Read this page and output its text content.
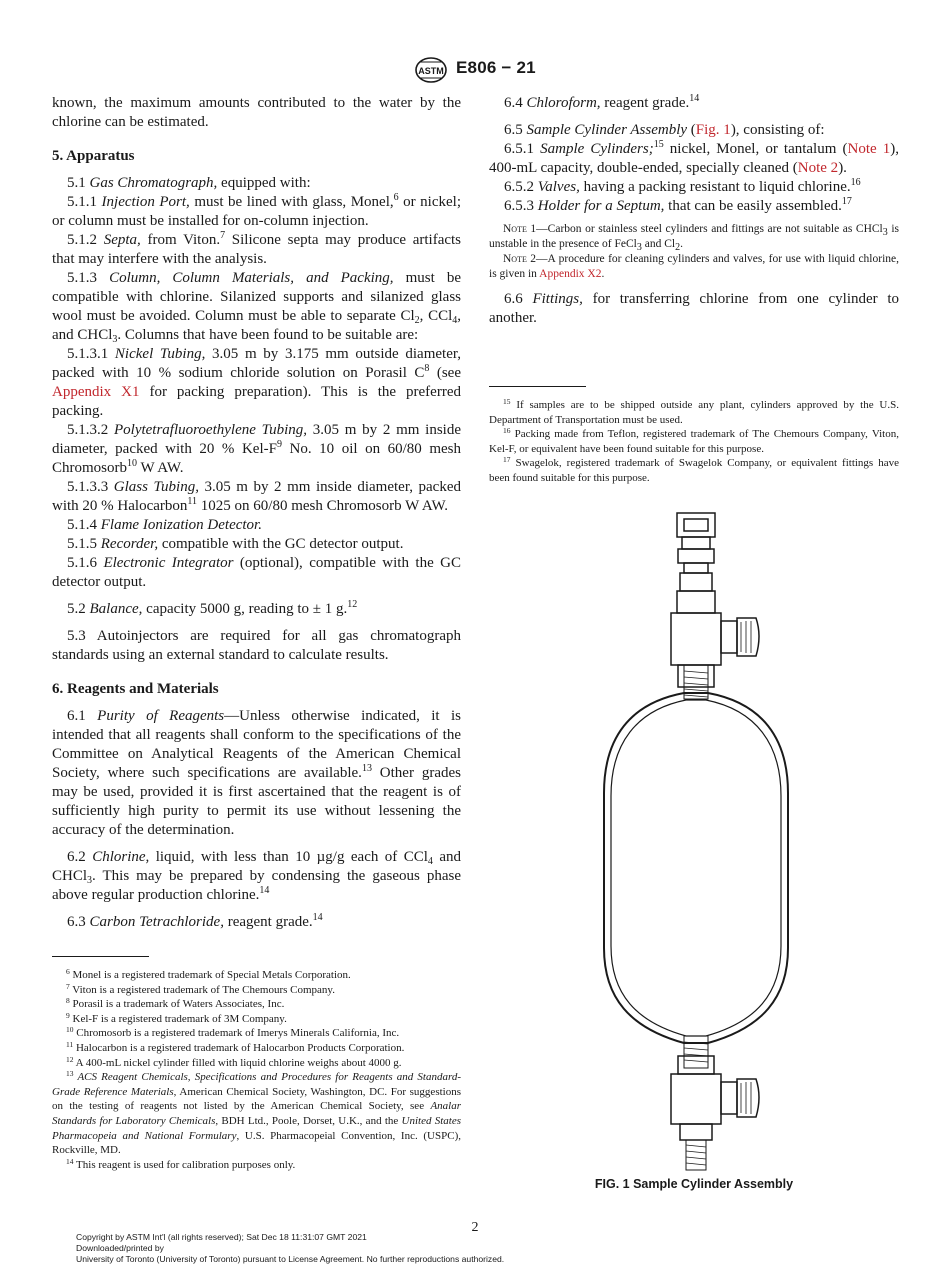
ASTM E806 − 21

known, the maximum amounts contributed to the water by the chlorine can be estimated.

5. Apparatus

5.1 Gas Chromatograph, equipped with:

5.1.1 Injection Port, must be lined with glass, Monel,$^6$ or nickel; or column must be installed for on-column injection.

5.1.2 Septa, from Viton.$^7$ Silicone septa may produce artifacts that may interfere with the analysis.

5.1.3 Column, Column Materials, and Packing, must be compatible with chlorine. Silanized supports and silanized glass wool must be avoided. Column must be able to separate $Cl_2$, CCl$_4$, and CHCl$_3$. Columns that have been found to be suitable are:

5.1.3.1 Nickel Tubing, 3.05 m by 3.175 mm outside diameter, packed with 10 % sodium chloride solution on Porasil $C^8$ (see Appendix X1 for packing preparation). This is the preferred packing.

5.1.3.2 Polytetrafluoroethylene Tubing, 3.05 m by 2 mm inside diameter, packed with 20 % Kel-$F^9$ No. 10 oil on 60/80 mesh Chromosorb$^{10}$ W AW.

5.1.3.3 Glass Tubing, 3.05 m by 2 mm inside diameter, packed with 20 % Halocarbon$^{11}$ 1025 on 60/80 mesh Chromosorb W AW.

5.1.4 Flame Ionization Detector.

5.1.5 Recorder, compatible with the GC detector output.

5.1.6 Electronic Integrator (optional), compatible with the GC detector output.

5.2 Balance, capacity 5000 g, reading to ± 1 g.$^{12}$

5.3 Autoinjectors are required for all gas chromatograph standards using an external standard to calculate results.

6. Reagents and Materials

6.1 Purity of Reagents—Unless otherwise indicated, it is intended that all reagents shall conform to the specifications of the Committee on Analytical Reagents of the American Chemical Society, where such specifications are available.$^{13}$ Other grades may be used, provided it is first ascertained that the reagent is of sufficiently high purity to permit its use without lessening the accuracy of the determination.

6.2 Chlorine, liquid, with less than 10 µg/g each of CCl$_4$ and CHCl$_3$. This may be prepared by condensing the gaseous phase above regular production chlorine.$^{14}$

6.3 Carbon Tetrachloride, reagent grade.$^{14}$

$^6$ Monel is a registered trademark of Special Metals Corporation.

$^7$ Viton is a registered trademark of The Chemours Company.

$^8$ Porasil is a trademark of Waters Associates, Inc.

$^9$ Kel-F is a registered trademark of 3M Company.

$^{10}$ Chromosorb is a registered trademark of Imerys Minerals California, Inc.

$^{11}$ Halocarbon is a registered trademark of Halocarbon Products Corporation.

$^{12}$ A 400-mL nickel cylinder filled with liquid chlorine weighs about 4000 g.

$^{13}$ ACS Reagent Chemicals, Specifications and Procedures for Reagents and Standard-Grade Reference Materials, American Chemical Society, Washington, DC. For suggestions on the testing of reagents not listed by the American Chemical Society, see Analar Standards for Laboratory Chemicals, BDH Ltd., Poole, Dorset, U.K., and the United States Pharmacopeia and National Formulary, U.S. Pharmacopeial Convention, Inc. (USPC), Rockville, MD.

$^{14}$ This reagent is used for calibration purposes only.

6.4 Chloroform, reagent grade.$^{14}$

6.5 Sample Cylinder Assembly (Fig. 1), consisting of:

6.5.1 Sample Cylinders;$^{15}$ nickel, Monel, or tantalum (Note 1), 400-mL capacity, double-ended, specially cleaned (Note 2).

6.5.2 Valves, having a packing resistant to liquid chlorine.$^{16}$

6.5.3 Holder for a Septum, that can be easily assembled.$^{17}$

Note 1—Carbon or stainless steel cylinders and fittings are not suitable as CHCl$_3$ is unstable in the presence of FeCl$_3$ and $Cl_2$.

Note 2—A procedure for cleaning cylinders and valves, for use with liquid chlorine, is given in Appendix X2.

6.6 Fittings, for transferring chlorine from one cylinder to another.

$^{15}$ If samples are to be shipped outside any plant, cylinders approved by the U.S. Department of Transportation must be used.

$^{16}$ Packing made from Teflon, registered trademark of The Chemours Company, Viton, Kel-F, or equivalent have been found suitable for this purpose.

$^{17}$ Swagelok, registered trademark of Swagelok Company, or equivalent fittings have been found suitable for this purpose.

FIG. 1 Sample Cylinder Assembly
2
Copyright by ASTM Int'l (all rights reserved); Sat Dec 18 11:31:07 GMT 2021
Downloaded/printed by
University of Toronto (University of Toronto) pursuant to License Agreement. No further reproductions authorized.
